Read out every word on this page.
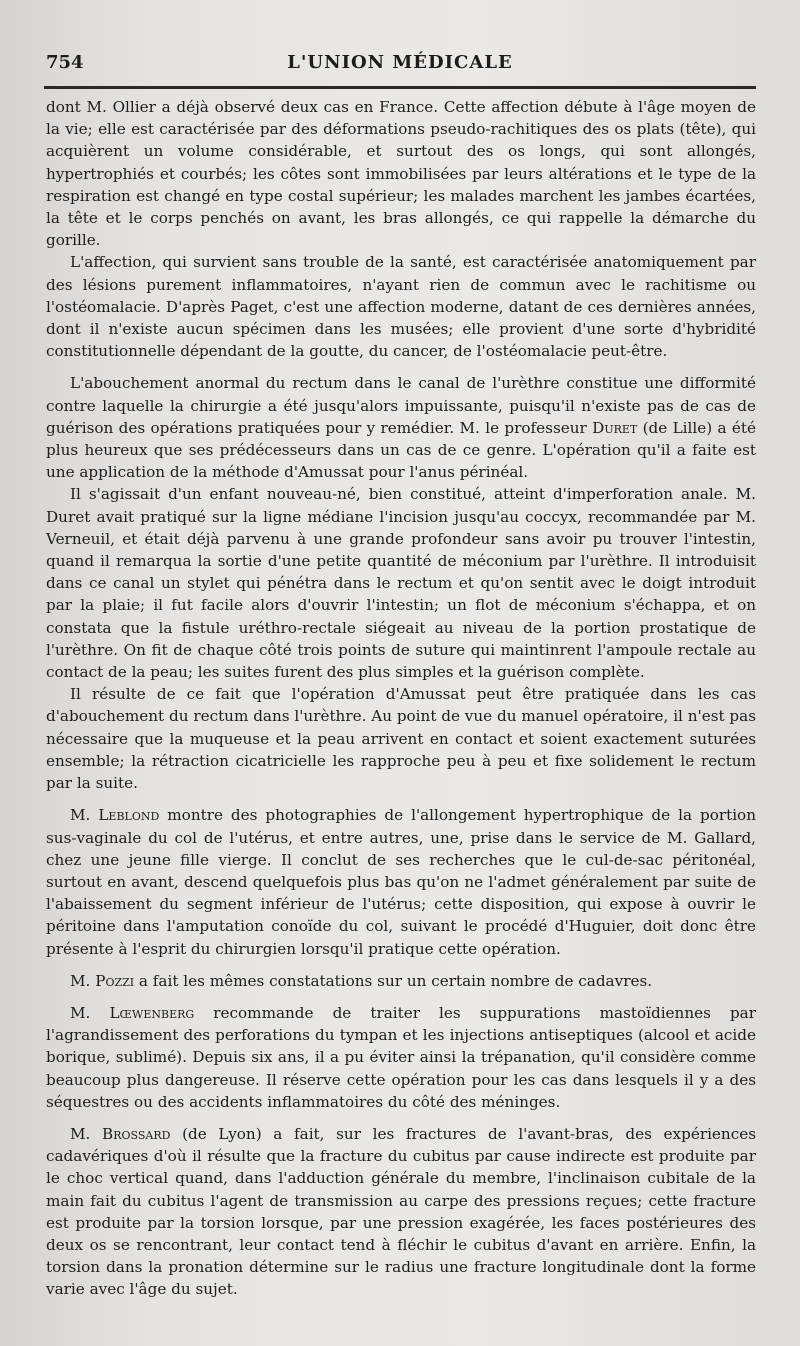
754	L'UNION MÉDICALE

dont M. Ollier a déjà observé deux cas en France. Cette affection débute à l'âge moyen de la vie; elle est caractérisée par des déformations pseudo-rachitiques des os plats (tête), qui acquièrent un volume considérable, et surtout des os longs, qui sont allongés, hypertrophiés et courbés; les côtes sont immobilisées par leurs altérations et le type de la respiration est changé en type costal supérieur; les malades marchent les jambes écartées, la tête et le corps penchés on avant, les bras allongés, ce qui rappelle la démarche du gorille.

L'affection, qui survient sans trouble de la santé, est caractérisée anatomiquement par des lésions purement inflammatoires, n'ayant rien de commun avec le rachitisme ou l'ostéomalacie. D'après Paget, c'est une affection moderne, datant de ces dernières années, dont il n'existe aucun spécimen dans les musées; elle provient d'une sorte d'hybridité constitutionnelle dépendant de la goutte, du cancer, de l'ostéomalacie peut-être.

L'abouchement anormal du rectum dans le canal de l'urèthre constitue une difformité contre laquelle la chirurgie a été jusqu'alors impuissante, puisqu'il n'existe pas de cas de guérison des opérations pratiquées pour y remédier. M. le professeur Duret (de Lille) a été plus heureux que ses prédécesseurs dans un cas de ce genre. L'opération qu'il a faite est une application de la méthode d'Amussat pour l'anus périnéal.

Il s'agissait d'un enfant nouveau-né, bien constitué, atteint d'imperforation anale. M. Duret avait pratiqué sur la ligne médiane l'incision jusqu'au coccyx, recommandée par M. Verneuil, et était déjà parvenu à une grande profondeur sans avoir pu trouver l'intestin, quand il remarqua la sortie d'une petite quantité de méconium par l'urèthre. Il introduisit dans ce canal un stylet qui pénétra dans le rectum et qu'on sentit avec le doigt introduit par la plaie; il fut facile alors d'ouvrir l'intestin; un flot de méconium s'échappa, et on constata que la fistule uréthro-rectale siégeait au niveau de la portion prostatique de l'urèthre. On fit de chaque côté trois points de suture qui maintinrent l'ampoule rectale au contact de la peau; les suites furent des plus simples et la guérison complète.

Il résulte de ce fait que l'opération d'Amussat peut être pratiquée dans les cas d'abouchement du rectum dans l'urèthre. Au point de vue du manuel opératoire, il n'est pas nécessaire que la muqueuse et la peau arrivent en contact et soient exactement suturées ensemble; la rétraction cicatricielle les rapproche peu à peu et fixe solidement le rectum par la suite.

M. Leblond montre des photographies de l'allongement hypertrophique de la portion sus-vaginale du col de l'utérus, et entre autres, une, prise dans le service de M. Gallard, chez une jeune fille vierge. Il conclut de ses recherches que le cul-de-sac péritonéal, surtout en avant, descend quelquefois plus bas qu'on ne l'admet généralement par suite de l'abaissement du segment inférieur de l'utérus; cette disposition, qui expose à ouvrir le péritoine dans l'amputation conoïde du col, suivant le procédé d'Huguier, doit donc être présente à l'esprit du chirurgien lorsqu'il pratique cette opération.

M. Pozzi a fait les mêmes constatations sur un certain nombre de cadavres.

M. Lœwenberg recommande de traiter les suppurations mastoïdiennes par l'agrandissement des perforations du tympan et les injections antiseptiques (alcool et acide borique, sublimé). Depuis six ans, il a pu éviter ainsi la trépanation, qu'il considère comme beaucoup plus dangereuse. Il réserve cette opération pour les cas dans lesquels il y a des séquestres ou des accidents inflammatoires du côté des méninges.

M. Brossard (de Lyon) a fait, sur les fractures de l'avant-bras, des expériences cadavériques d'où il résulte que la fracture du cubitus par cause indirecte est produite par le choc vertical quand, dans l'adduction générale du membre, l'inclinaison cubitale de la main fait du cubitus l'agent de transmission au carpe des pressions reçues; cette fracture est produite par la torsion lorsque, par une pression exagérée, les faces postérieures des deux os se rencontrant, leur contact tend à fléchir le cubitus d'avant en arrière. Enfin, la torsion dans la pronation détermine sur le radius une fracture longitudinale dont la forme varie avec l'âge du sujet.
